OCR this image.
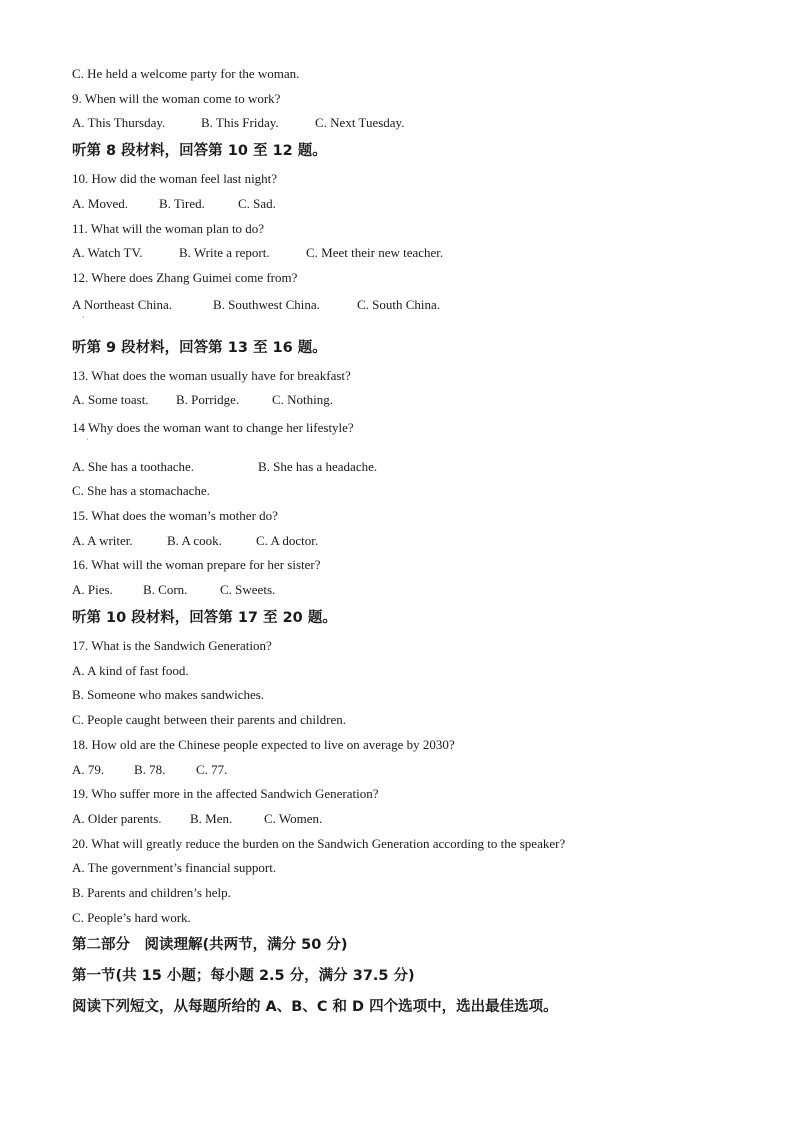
C. He held a welcome party for the woman.
9. When will the woman come to work?
A. This Thursday.	B. This Friday.	C. Next Tuesday.
听第 8 段材料，回答第 10 至 12 题。
10. How did the woman feel last night?
A. Moved. B. Tired.	C. Sad.
11. What will the woman plan to do?
A. Watch TV.	B. Write a report.	C. Meet their new teacher.
12. Where does Zhang Guimei come from?
A Northeast China.	B. Southwest China.	C. South China.
·
听第 9 段材料，回答第 13 至 16 题。
13. What does the woman usually have for breakfast?
A. Some toast. B. Porridge.	C. Nothing.
14 Why does the woman want to change her lifestyle?
·
A. She has a toothache.	B. She has a headache.
C. She has a stomachache.
15. What does the woman’s mother do?
A. A writer.	B. A cook.	C. A doctor.
16. What will the woman prepare for her sister?
A. Pies. B. Corn.	C. Sweets.
听第 10 段材料，回答第 17 至 20 题。
17. What is the Sandwich Generation?
A. A kind of fast food.
B. Someone who makes sandwiches.
C. People caught between their parents and children.
18. How old are the Chinese people expected to live on average by 2030?
A. 79. B. 78. C. 77.
19. Who suffer more in the affected Sandwich Generation?
A. Older parents. B. Men. C. Women.
20. What will greatly reduce the burden on the Sandwich Generation according to the speaker?
A. The government’s financial support.
B. Parents and children’s help.
C. People’s hard work.
第二部分　阅读理解(共两节，满分 50 分)
第一节(共 15 小题；每小题 2.5 分，满分 37.5 分)
阅读下列短文，从每题所给的 A、B、C 和 D 四个选项中，选出最佳选项。
